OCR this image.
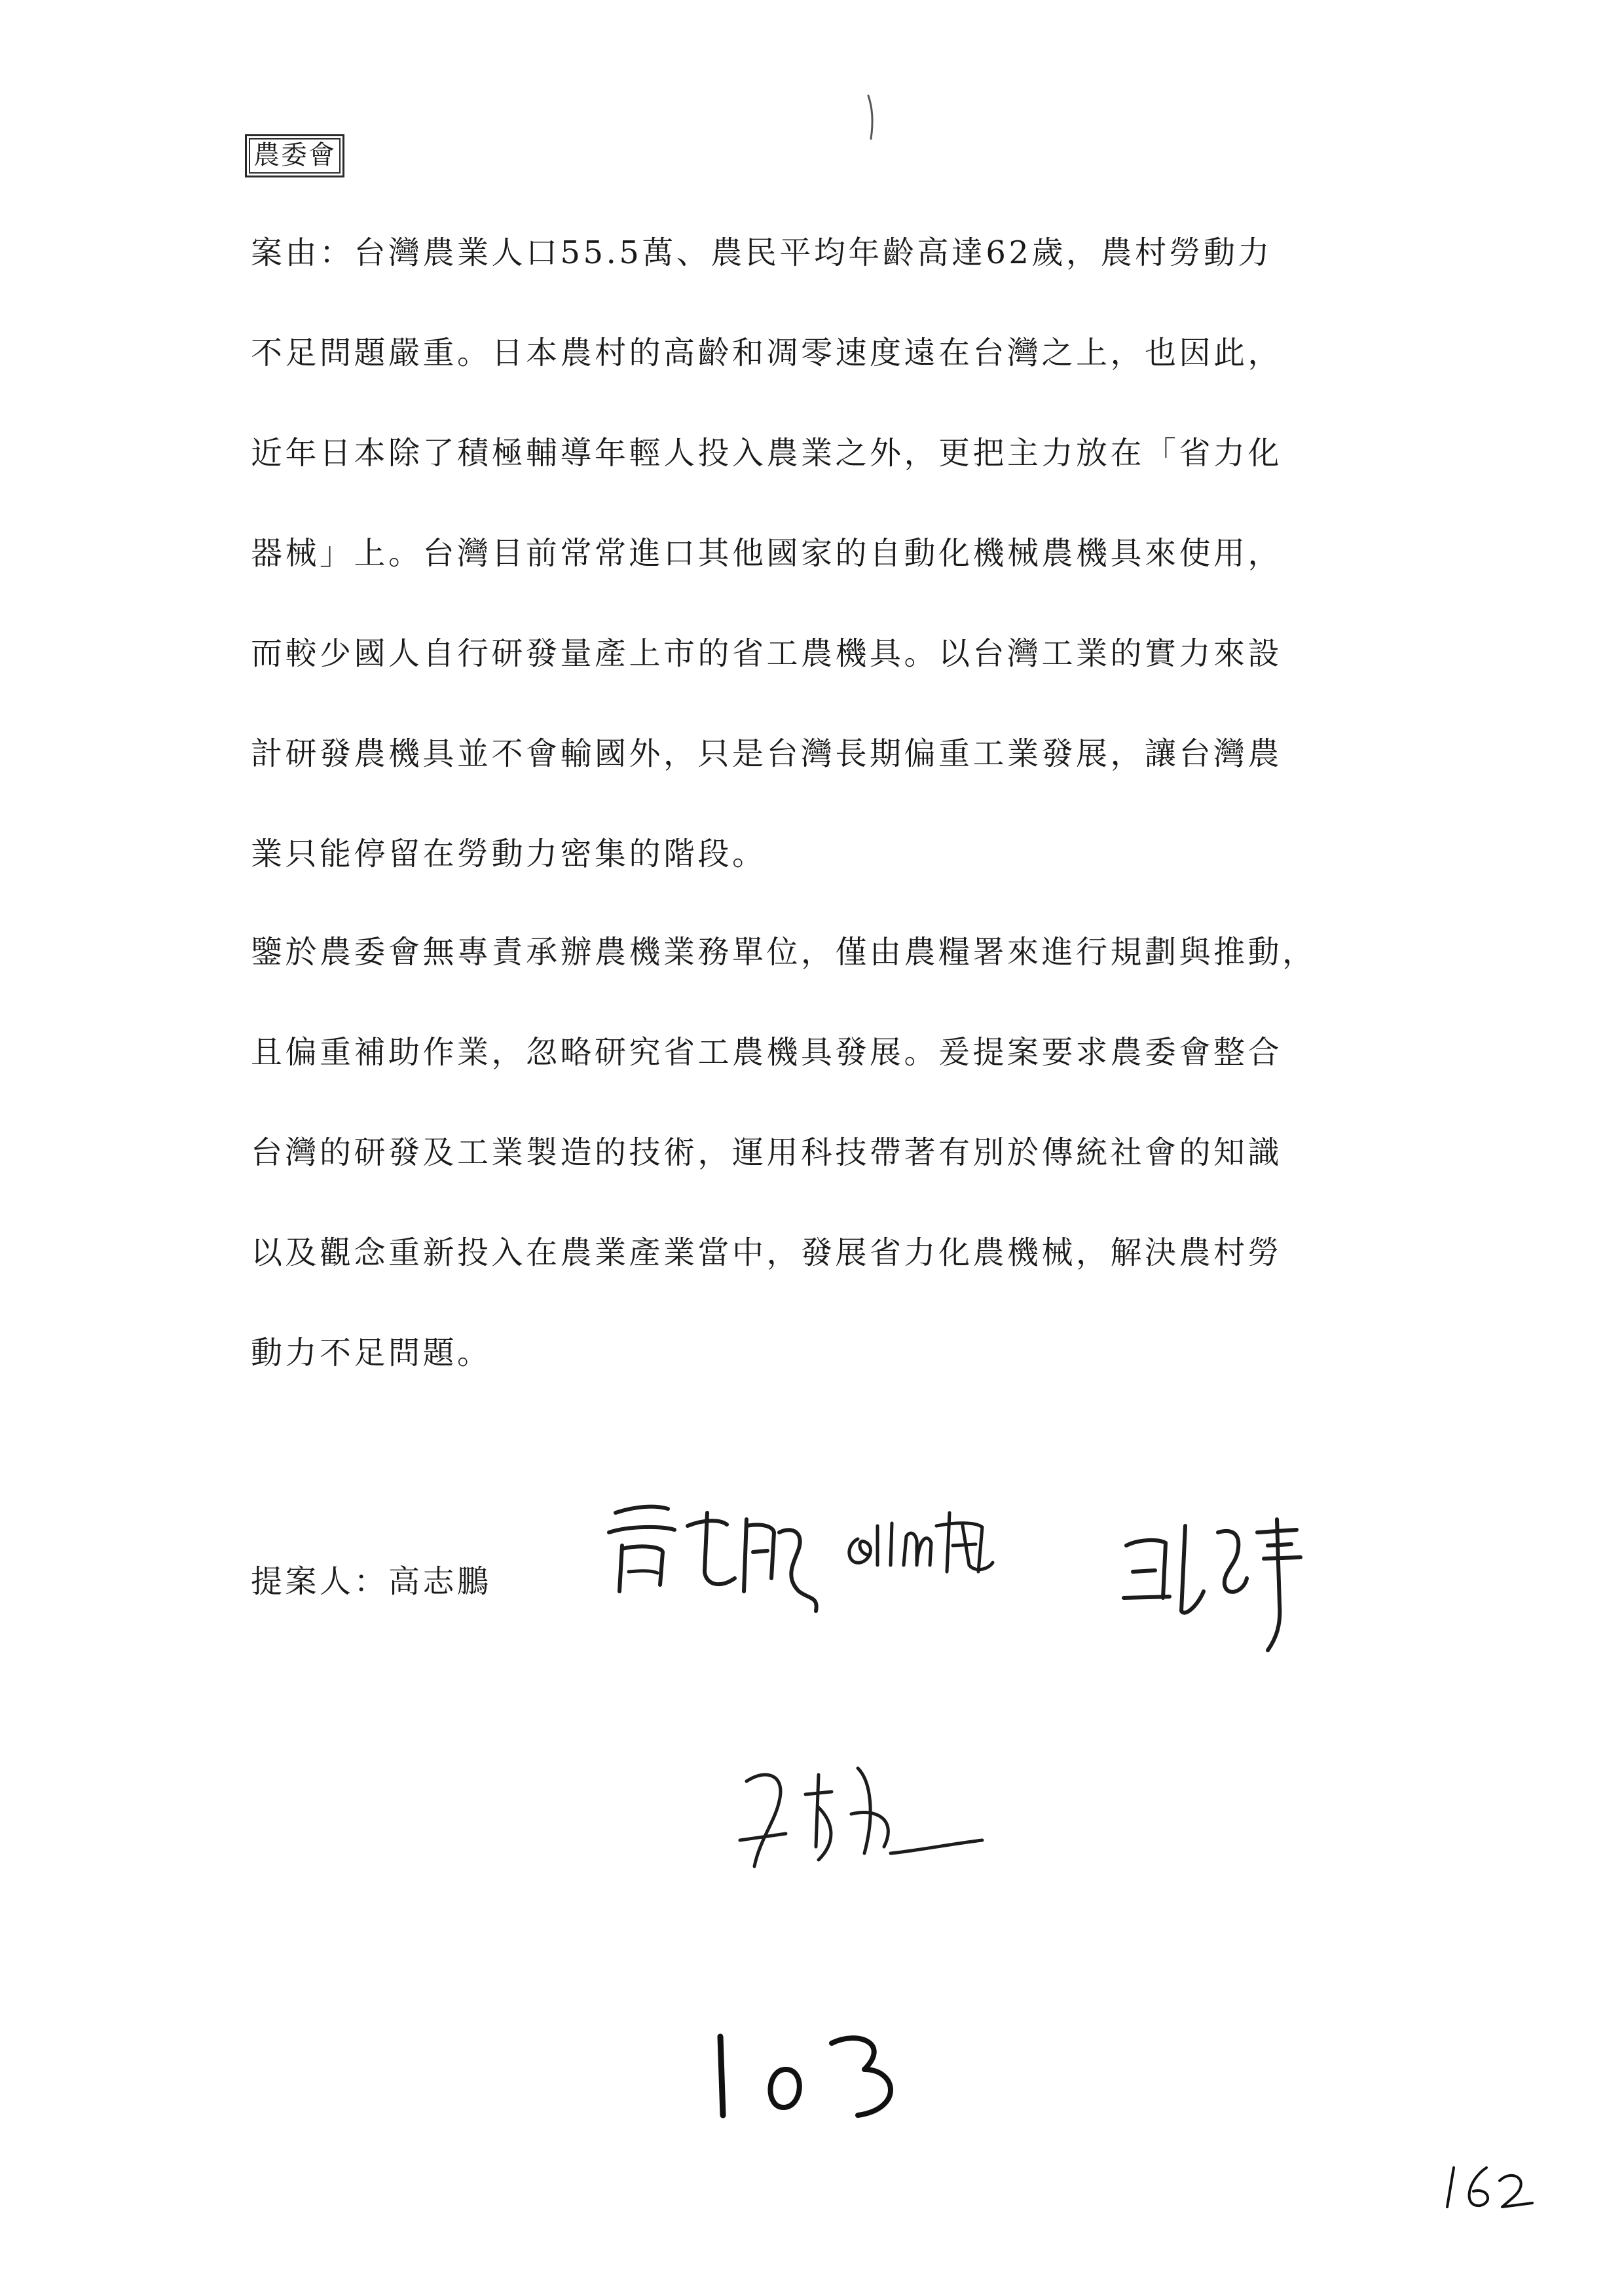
農委會
案由：台灣農業人口55.5萬、農民平均年齡高達62歲，農村勞動力
不足問題嚴重。日本農村的高齡和凋零速度遠在台灣之上，也因此，
近年日本除了積極輔導年輕人投入農業之外，更把主力放在「省力化
器械」上。台灣目前常常進口其他國家的自動化機械農機具來使用，
而較少國人自行研發量產上市的省工農機具。以台灣工業的實力來設
計研發農機具並不會輸國外，只是台灣長期偏重工業發展，讓台灣農
業只能停留在勞動力密集的階段。
鑒於農委會無專責承辦農機業務單位，僅由農糧署來進行規劃與推動，
且偏重補助作業，忽略研究省工農機具發展。爰提案要求農委會整合
台灣的研發及工業製造的技術，運用科技帶著有別於傳統社會的知識
以及觀念重新投入在農業產業當中，發展省力化農機械，解決農村勞
動力不足問題。
提案人：高志鵬
